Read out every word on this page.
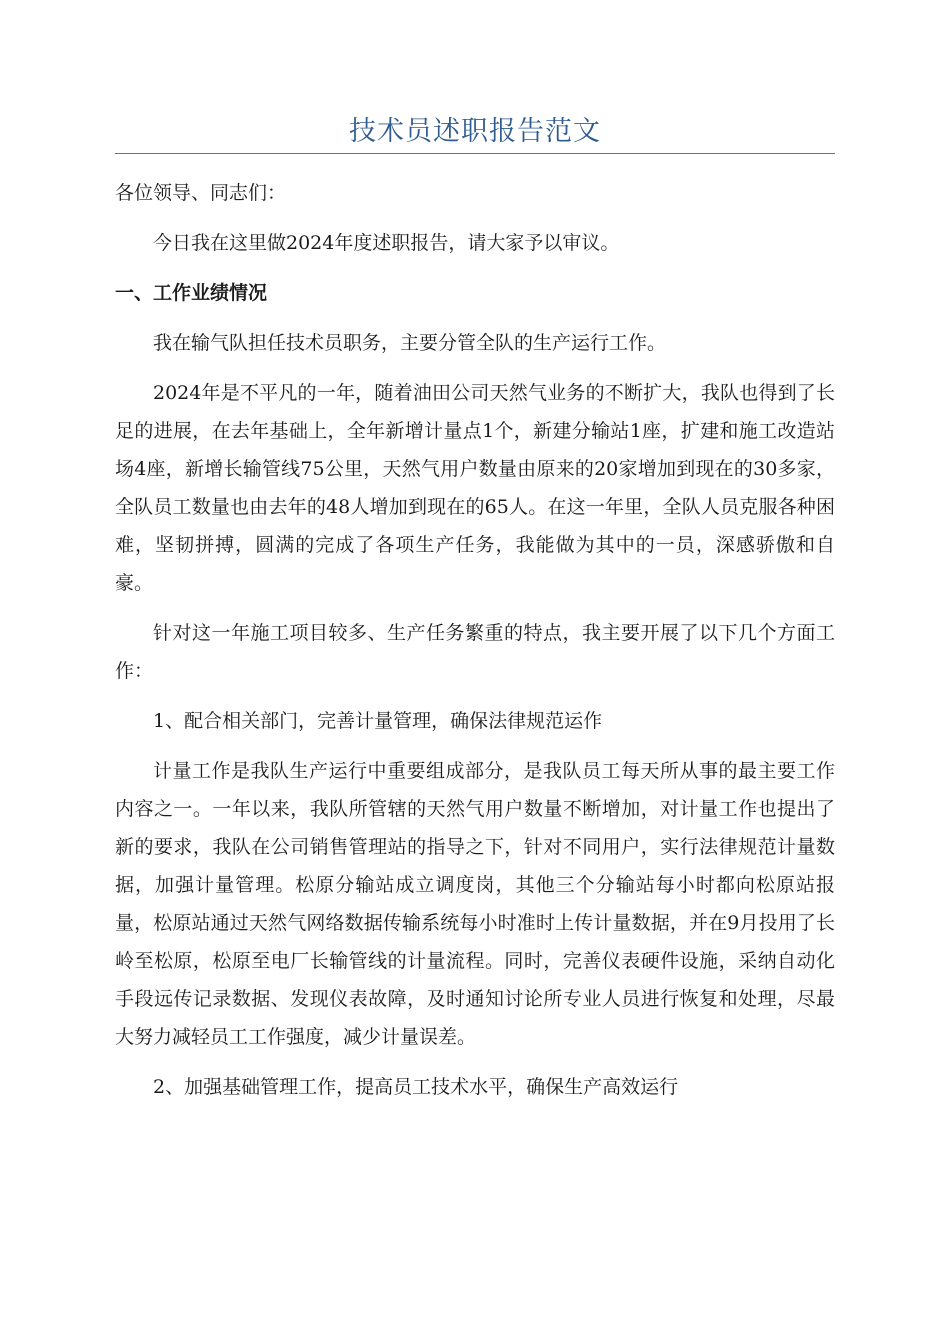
技术员述职报告范文

各位领导、同志们：

今日我在这里做2024年度述职报告，请大家予以审议。

一、工作业绩情况

我在输气队担任技术员职务，主要分管全队的生产运行工作。

2024年是不平凡的一年，随着油田公司天然气业务的不断扩大，我队也得到了长足的进展，在去年基础上，全年新增计量点1个，新建分输站1座，扩建和施工改造站场4座，新增长输管线75公里，天然气用户数量由原来的20家增加到现在的30多家，全队员工数量也由去年的48人增加到现在的65人。在这一年里，全队人员克服各种困难，坚韧拼搏，圆满的完成了各项生产任务，我能做为其中的一员，深感骄傲和自豪。

针对这一年施工项目较多、生产任务繁重的特点，我主要开展了以下几个方面工作：

1、配合相关部门，完善计量管理，确保法律规范运作

计量工作是我队生产运行中重要组成部分，是我队员工每天所从事的最主要工作内容之一。一年以来，我队所管辖的天然气用户数量不断增加，对计量工作也提出了新的要求，我队在公司销售管理站的指导之下，针对不同用户，实行法律规范计量数据，加强计量管理。松原分输站成立调度岗，其他三个分输站每小时都向松原站报量，松原站通过天然气网络数据传输系统每小时准时上传计量数据，并在9月投用了长岭至松原，松原至电厂长输管线的计量流程。同时，完善仪表硬件设施，采纳自动化手段远传记录数据、发现仪表故障，及时通知讨论所专业人员进行恢复和处理，尽最大努力减轻员工工作强度，减少计量误差。

2、加强基础管理工作，提高员工技术水平，确保生产高效运行
